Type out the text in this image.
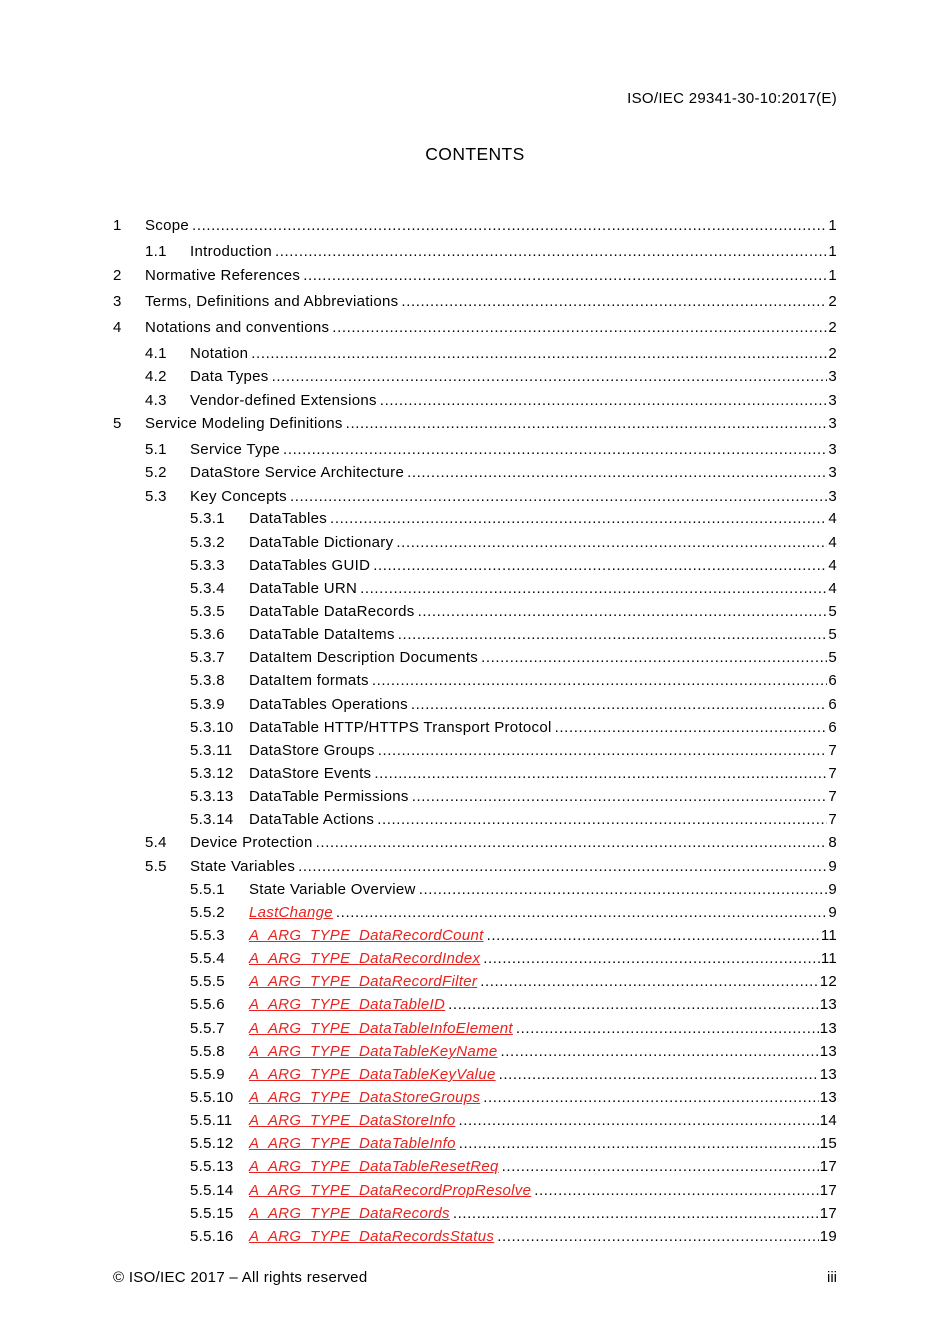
ISO/IEC 29341-30-10:2017(E)
CONTENTS
1 Scope .....	1
1.1 Introduction .....	1
2 Normative References .....	1
3 Terms, Definitions and Abbreviations .....	2
4 Notations and conventions .....	2
4.1 Notation .....	2
4.2 Data Types .....	3
4.3 Vendor-defined Extensions .....	3
5 Service Modeling Definitions .....	3
5.1 Service Type .....	3
5.2 DataStore Service Architecture .....	3
5.3 Key Concepts .....	3
5.3.1 DataTables .....	4
5.3.2 DataTable Dictionary .....	4
5.3.3 DataTables GUID .....	4
5.3.4 DataTable URN .....	4
5.3.5 DataTable DataRecords .....	5
5.3.6 DataTable DataItems .....	5
5.3.7 DataItem Description Documents .....	5
5.3.8 DataItem formats .....	6
5.3.9 DataTables Operations .....	6
5.3.10 DataTable HTTP/HTTPS Transport Protocol .....	6
5.3.11 DataStore Groups .....	7
5.3.12 DataStore Events .....	7
5.3.13 DataTable Permissions .....	7
5.3.14 DataTable Actions .....	7
5.4 Device Protection .....	8
5.5 State Variables .....	9
5.5.1 State Variable Overview .....	9
5.5.2 LastChange .....	9
5.5.3 A_ARG_TYPE_DataRecordCount .....	11
5.5.4 A_ARG_TYPE_DataRecordIndex .....	11
5.5.5 A_ARG_TYPE_DataRecordFilter .....	12
5.5.6 A_ARG_TYPE_DataTableID .....	13
5.5.7 A_ARG_TYPE_DataTableInfoElement .....	13
5.5.8 A_ARG_TYPE_DataTableKeyName .....	13
5.5.9 A_ARG_TYPE_DataTableKeyValue .....	13
5.5.10 A_ARG_TYPE_DataStoreGroups .....	13
5.5.11 A_ARG_TYPE_DataStoreInfo .....	14
5.5.12 A_ARG_TYPE_DataTableInfo .....	15
5.5.13 A_ARG_TYPE_DataTableResetReq .....	17
5.5.14 A_ARG_TYPE_DataRecordPropResolve .....	17
5.5.15 A_ARG_TYPE_DataRecords .....	17
5.5.16 A_ARG_TYPE_DataRecordsStatus .....	19
© ISO/IEC 2017 – All rights reserved	iii
